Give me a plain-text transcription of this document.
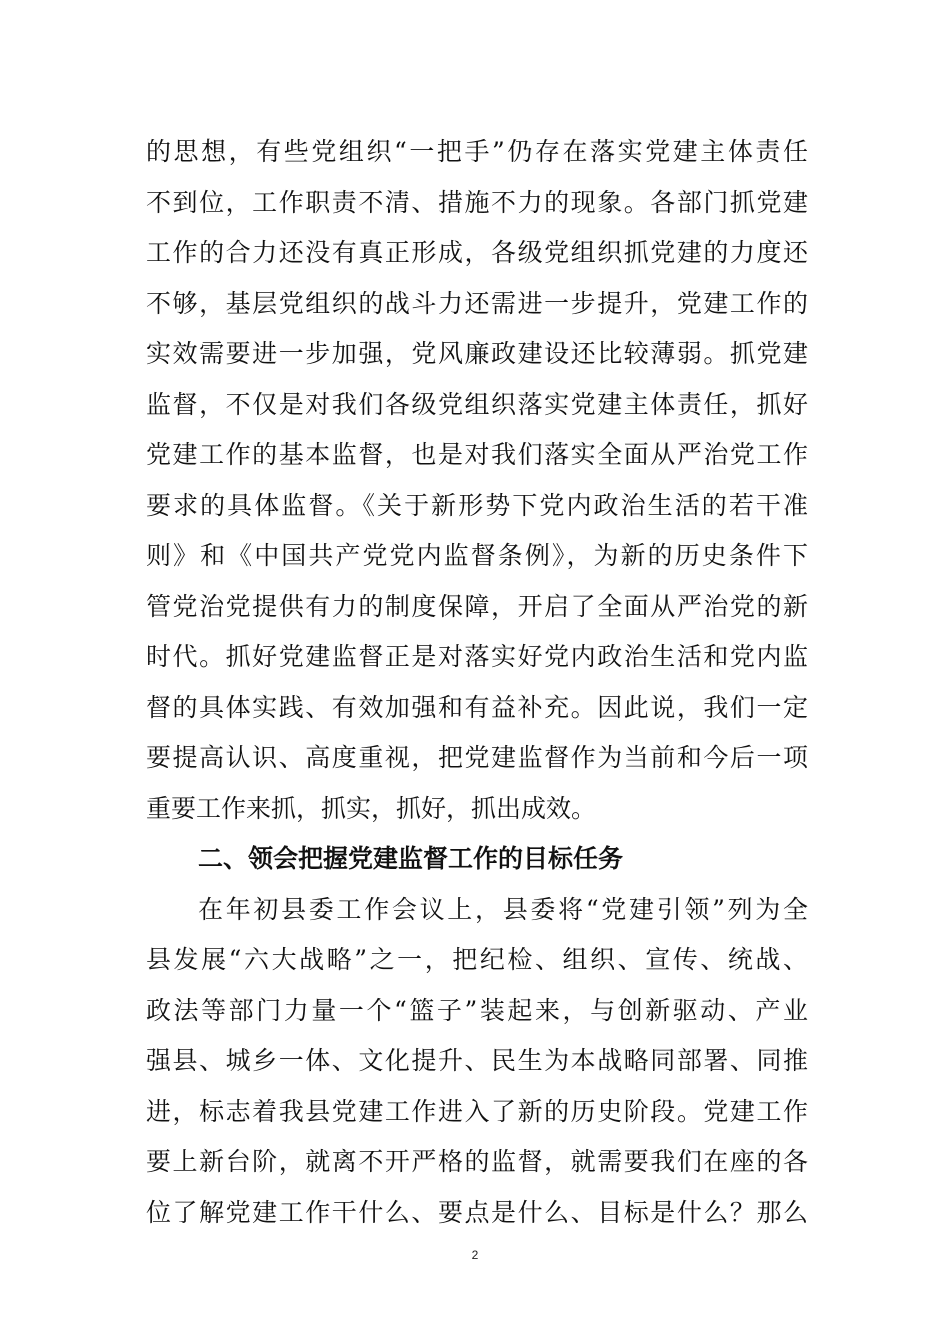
的思想，有些党组织“一把手”仍存在落实党建主体责任
不到位，工作职责不清、措施不力的现象。各部门抓党建
工作的合力还没有真正形成，各级党组织抓党建的力度还
不够，基层党组织的战斗力还需进一步提升，党建工作的
实效需要进一步加强，党风廉政建设还比较薄弱。抓党建
监督，不仅是对我们各级党组织落实党建主体责任，抓好
党建工作的基本监督，也是对我们落实全面从严治党工作
要求的具体监督。《关于新形势下党内政治生活的若干准
则》和《中国共产党党内监督条例》，为新的历史条件下
管党治党提供有力的制度保障，开启了全面从严治党的新
时代。抓好党建监督正是对落实好党内政治生活和党内监
督的具体实践、有效加强和有益补充。因此说，我们一定
要提高认识、高度重视，把党建监督作为当前和今后一项
重要工作来抓，抓实，抓好，抓出成效。
二、领会把握党建监督工作的目标任务
在年初县委工作会议上，县委将“党建引领”列为全
县发展“六大战略”之一，把纪检、组织、宣传、统战、
政法等部门力量一个“篮子”装起来，与创新驱动、产业
强县、城乡一体、文化提升、民生为本战略同部署、同推
进，标志着我县党建工作进入了新的历史阶段。党建工作
要上新台阶，就离不开严格的监督，就需要我们在座的各
位了解党建工作干什么、要点是什么、目标是什么？那么
2
